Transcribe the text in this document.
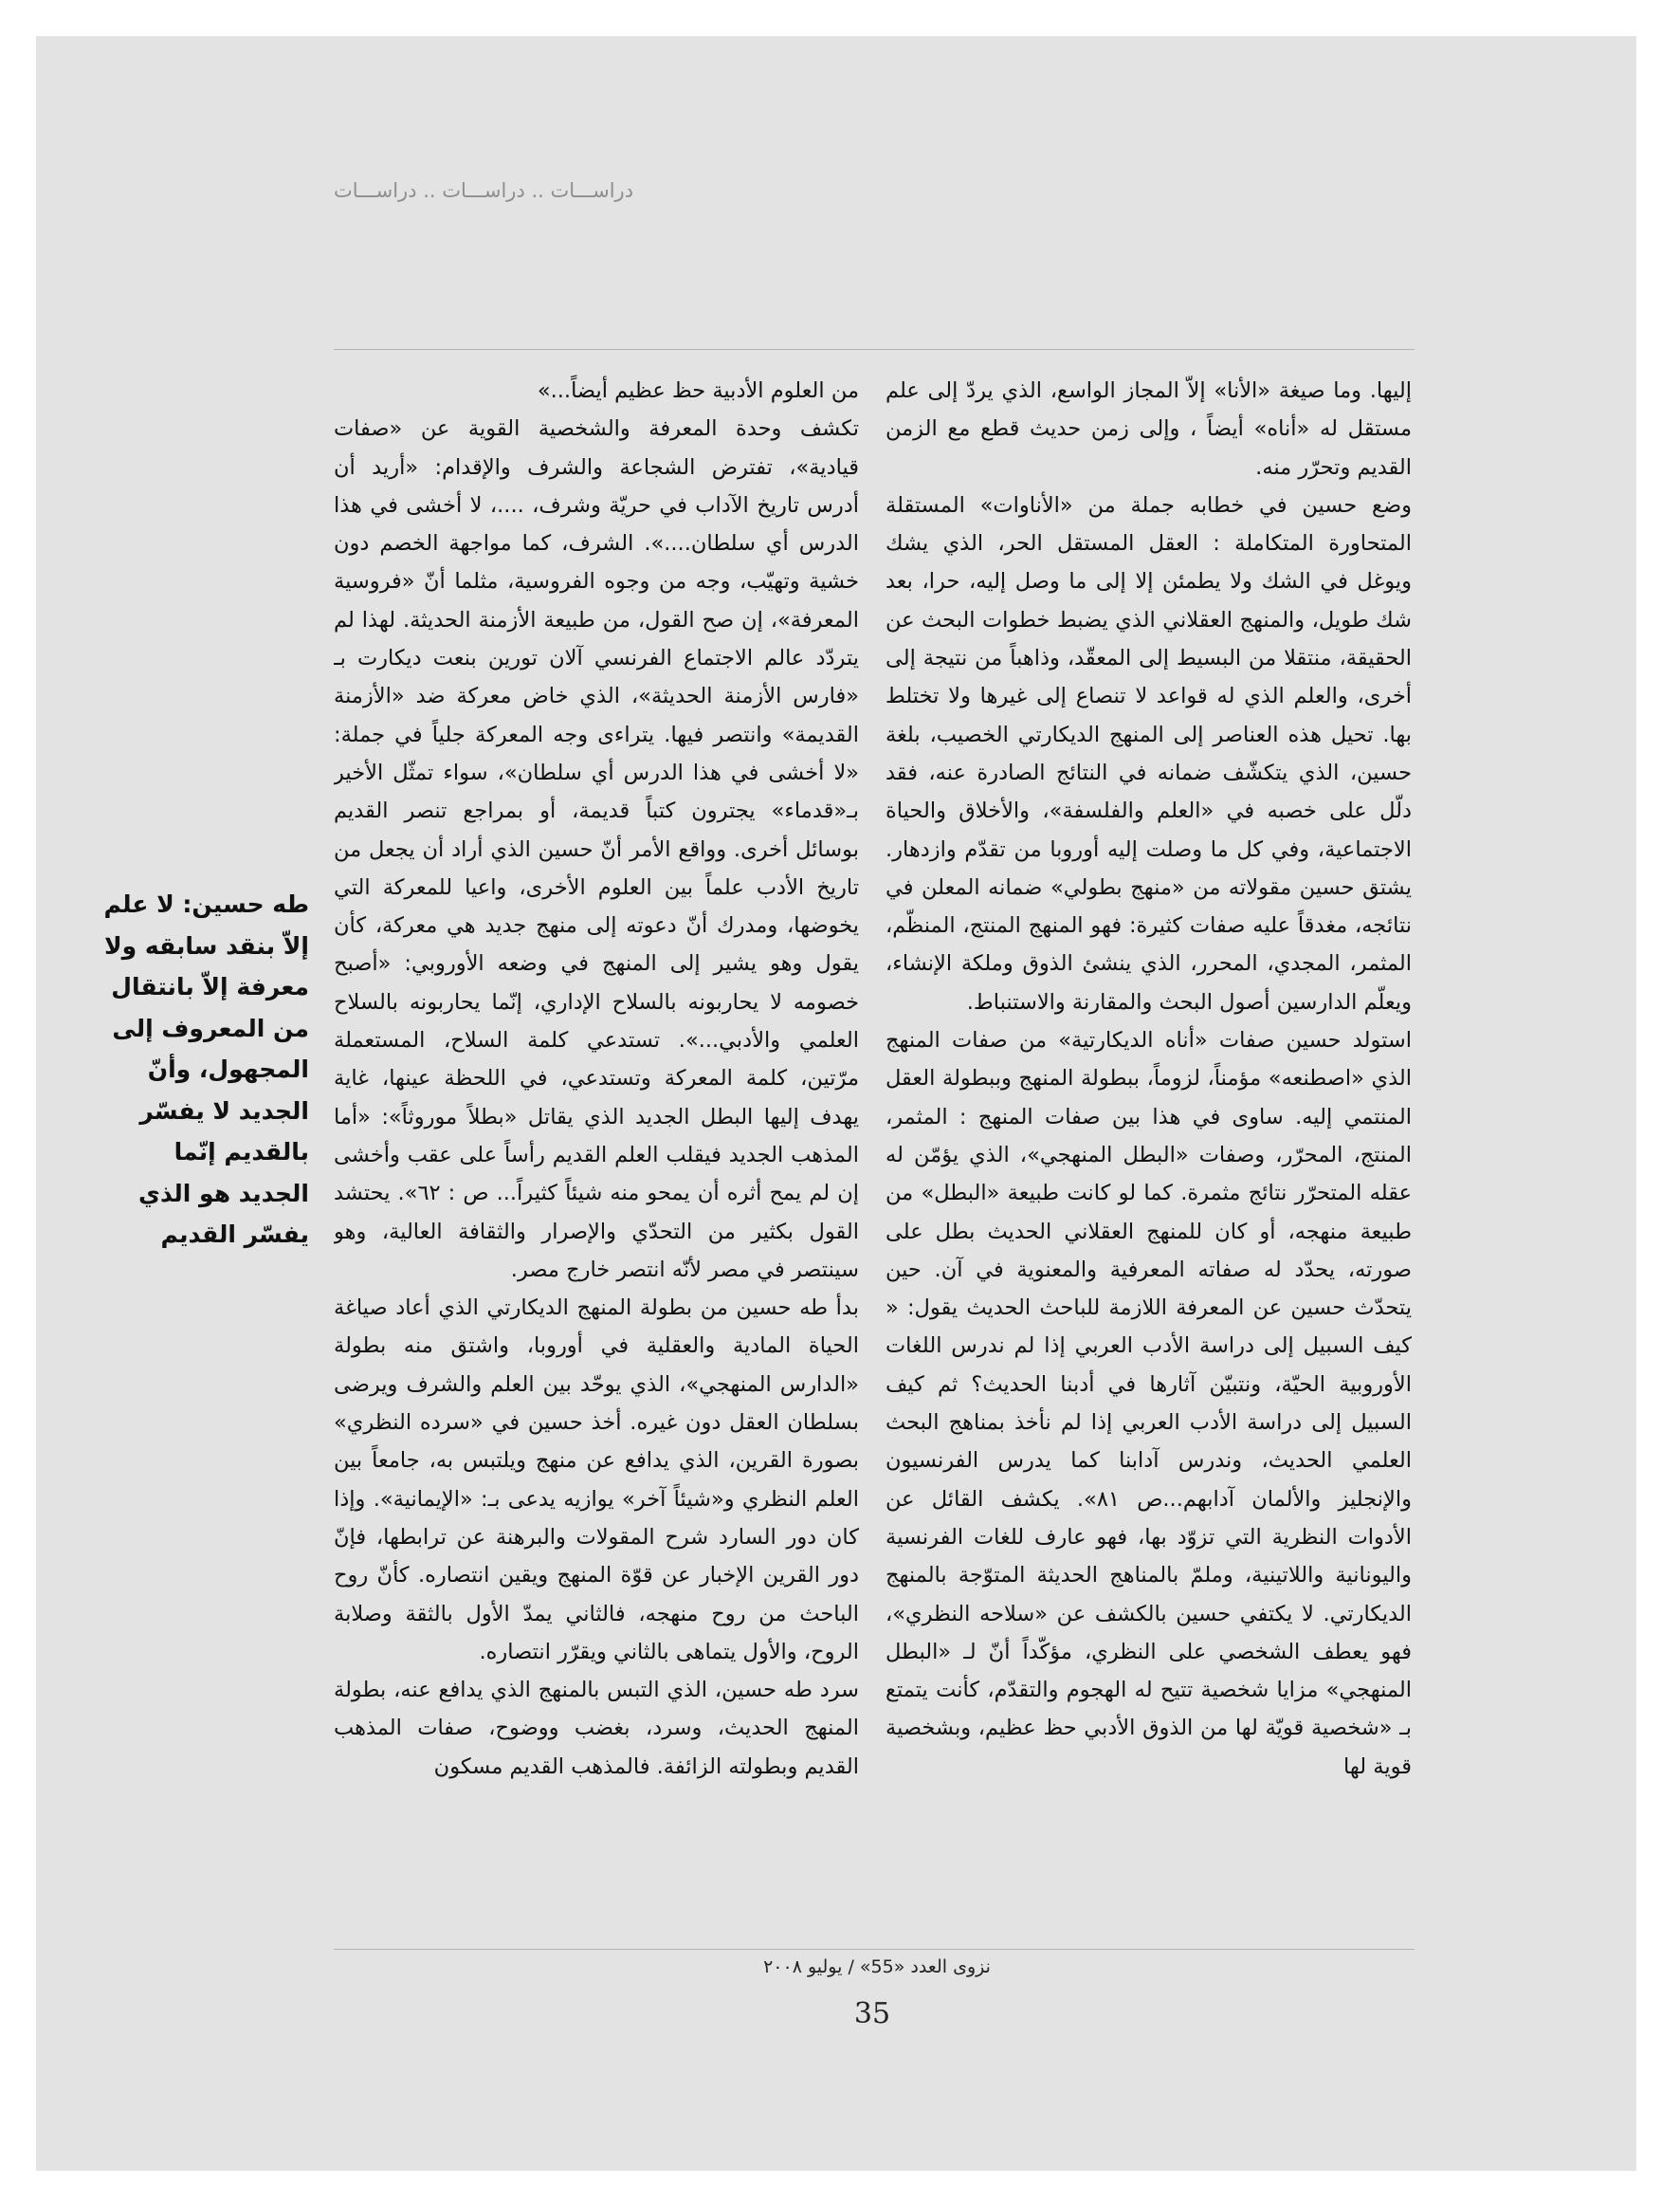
دراســـات .. دراســـات .. دراســـات

إليها. وما صيغة «الأنا» إلاّ المجاز الواسع، الذي يردّ إلى علم مستقل له «أناه» أيضاً ، وإلى زمن حديث قطع مع الزمن القديم وتحرّر منه.

وضع حسين في خطابه جملة من «الأناوات» المستقلة المتحاورة المتكاملة : العقل المستقل الحر، الذي يشك ويوغل في الشك ولا يطمئن إلا إلى ما وصل إليه، حرا، بعد شك طويل، والمنهج العقلاني الذي يضبط خطوات البحث عن الحقيقة، منتقلا من البسيط إلى المعقّد، وذاهباً من نتيجة إلى أخرى، والعلم الذي له قواعد لا تنصاع إلى غيرها ولا تختلط بها. تحيل هذه العناصر إلى المنهج الديكارتي الخصيب، بلغة حسين، الذي يتكشّف ضمانه في النتائج الصادرة عنه، فقد دلّل على خصبه في «العلم والفلسفة»، والأخلاق والحياة الاجتماعية، وفي كل ما وصلت إليه أوروبا من تقدّم وازدهار. يشتق حسين مقولاته من «منهج بطولي» ضمانه المعلن في نتائجه، مغدقاً عليه صفات كثيرة: فهو المنهج المنتج، المنظّم، المثمر، المجدي، المحرر، الذي ينشئ الذوق وملكة الإنشاء، ويعلّم الدارسين أصول البحث والمقارنة والاستنباط.

استولد حسين صفات «أناه الديكارتية» من صفات المنهج الذي «اصطنعه» مؤمناً، لزوماً، ببطولة المنهج وببطولة العقل المنتمي إليه. ساوى في هذا بين صفات المنهج : المثمر، المنتج، المحرّر، وصفات «البطل المنهجي»، الذي يؤمّن له عقله المتحرّر نتائج مثمرة. كما لو كانت طبيعة «البطل» من طبيعة منهجه، أو كان للمنهج العقلاني الحديث بطل على صورته، يحدّد له صفاته المعرفية والمعنوية في آن. حين يتحدّث حسين عن المعرفة اللازمة للباحث الحديث يقول: « كيف السبيل إلى دراسة الأدب العربي إذا لم ندرس اللغات الأوروبية الحيّة، ونتبيّن آثارها في أدبنا الحديث؟ ثم كيف السبيل إلى دراسة الأدب العربي إذا لم نأخذ بمناهج البحث العلمي الحديث، وندرس آدابنا كما يدرس الفرنسيون والإنجليز والألمان آدابهم...ص ٨١». يكشف القائل عن الأدوات النظرية التي تزوّد بها، فهو عارف للغات الفرنسية واليونانية واللاتينية، وملمّ بالمناهج الحديثة المتوّجة بالمنهج الديكارتي. لا يكتفي حسين بالكشف عن «سلاحه النظري»، فهو يعطف الشخصي على النظري، مؤكّداً أنّ لـ «البطل المنهجي» مزايا شخصية تتيح له الهجوم والتقدّم، كأنت يتمتع بـ «شخصية قويّة لها من الذوق الأدبي حظ عظيم، وبشخصية قوية لها

من العلوم الأدبية حظ عظيم أيضاً...»

تكشف وحدة المعرفة والشخصية القوية عن «صفات قيادية»، تفترض الشجاعة والشرف والإقدام: «أريد أن أدرس تاريخ الآداب في حريّة وشرف، ....، لا أخشى في هذا الدرس أي سلطان....». الشرف، كما مواجهة الخصم دون خشية وتهيّب، وجه من وجوه الفروسية، مثلما أنّ «فروسية المعرفة»، إن صح القول، من طبيعة الأزمنة الحديثة. لهذا لم يتردّد عالم الاجتماع الفرنسي آلان تورين بنعت ديكارت بـ «فارس الأزمنة الحديثة»، الذي خاض معركة ضد «الأزمنة القديمة» وانتصر فيها. يتراءى وجه المعركة جلياً في جملة: «لا أخشى في هذا الدرس أي سلطان»، سواء تمثّل الأخير بـ«قدماء» يجترون كتباً قديمة، أو بمراجع تنصر القديم بوسائل أخرى. وواقع الأمر أنّ حسين الذي أراد أن يجعل من تاريخ الأدب علماً بين العلوم الأخرى، واعيا للمعركة التي يخوضها، ومدرك أنّ دعوته إلى منهج جديد هي معركة، كأن يقول وهو يشير إلى المنهج في وضعه الأوروبي: «أصبح خصومه لا يحاربونه بالسلاح الإداري، إنّما يحاربونه بالسلاح العلمي والأدبي...». تستدعي كلمة السلاح، المستعملة مرّتين، كلمة المعركة وتستدعي، في اللحظة عينها، غاية يهدف إليها البطل الجديد الذي يقاتل «بطلاً موروثاً»: «أما المذهب الجديد فيقلب العلم القديم رأساً على عقب وأخشى إن لم يمح أثره أن يمحو منه شيئاً كثيراً... ص : ٦٢». يحتشد القول بكثير من التحدّي والإصرار والثقافة العالية، وهو سينتصر في مصر لأنّه انتصر خارج مصر.

بدأ طه حسين من بطولة المنهج الديكارتي الذي أعاد صياغة الحياة المادية والعقلية في أوروبا، واشتق منه بطولة «الدارس المنهجي»، الذي يوحّد بين العلم والشرف ويرضى بسلطان العقل دون غيره. أخذ حسين في «سرده النظري» بصورة القرين، الذي يدافع عن منهج ويلتبس به، جامعاً بين العلم النظري و«شيئاً آخر» يوازيه يدعى بـ: «الإيمانية». وإذا كان دور السارد شرح المقولات والبرهنة عن ترابطها، فإنّ دور القرين الإخبار عن قوّة المنهج ويقين انتصاره. كأنّ روح الباحث من روح منهجه، فالثاني يمدّ الأول بالثقة وصلابة الروح، والأول يتماهى بالثاني ويقرّر انتصاره.

سرد طه حسين، الذي التبس بالمنهج الذي يدافع عنه، بطولة المنهج الحديث، وسرد، بغضب ووضوح، صفات المذهب القديم وبطولته الزائفة. فالمذهب القديم مسكون

طه حسين: لا علم إلاّ بنقد سابقه ولا معرفة إلاّ بانتقال من المعروف إلى المجهول، وأنّ الجديد لا يفسّر بالقديم إنّما الجديد هو الذي يفسّر القديم
نزوى العدد «55» / يوليو ٢٠٠٨
35
